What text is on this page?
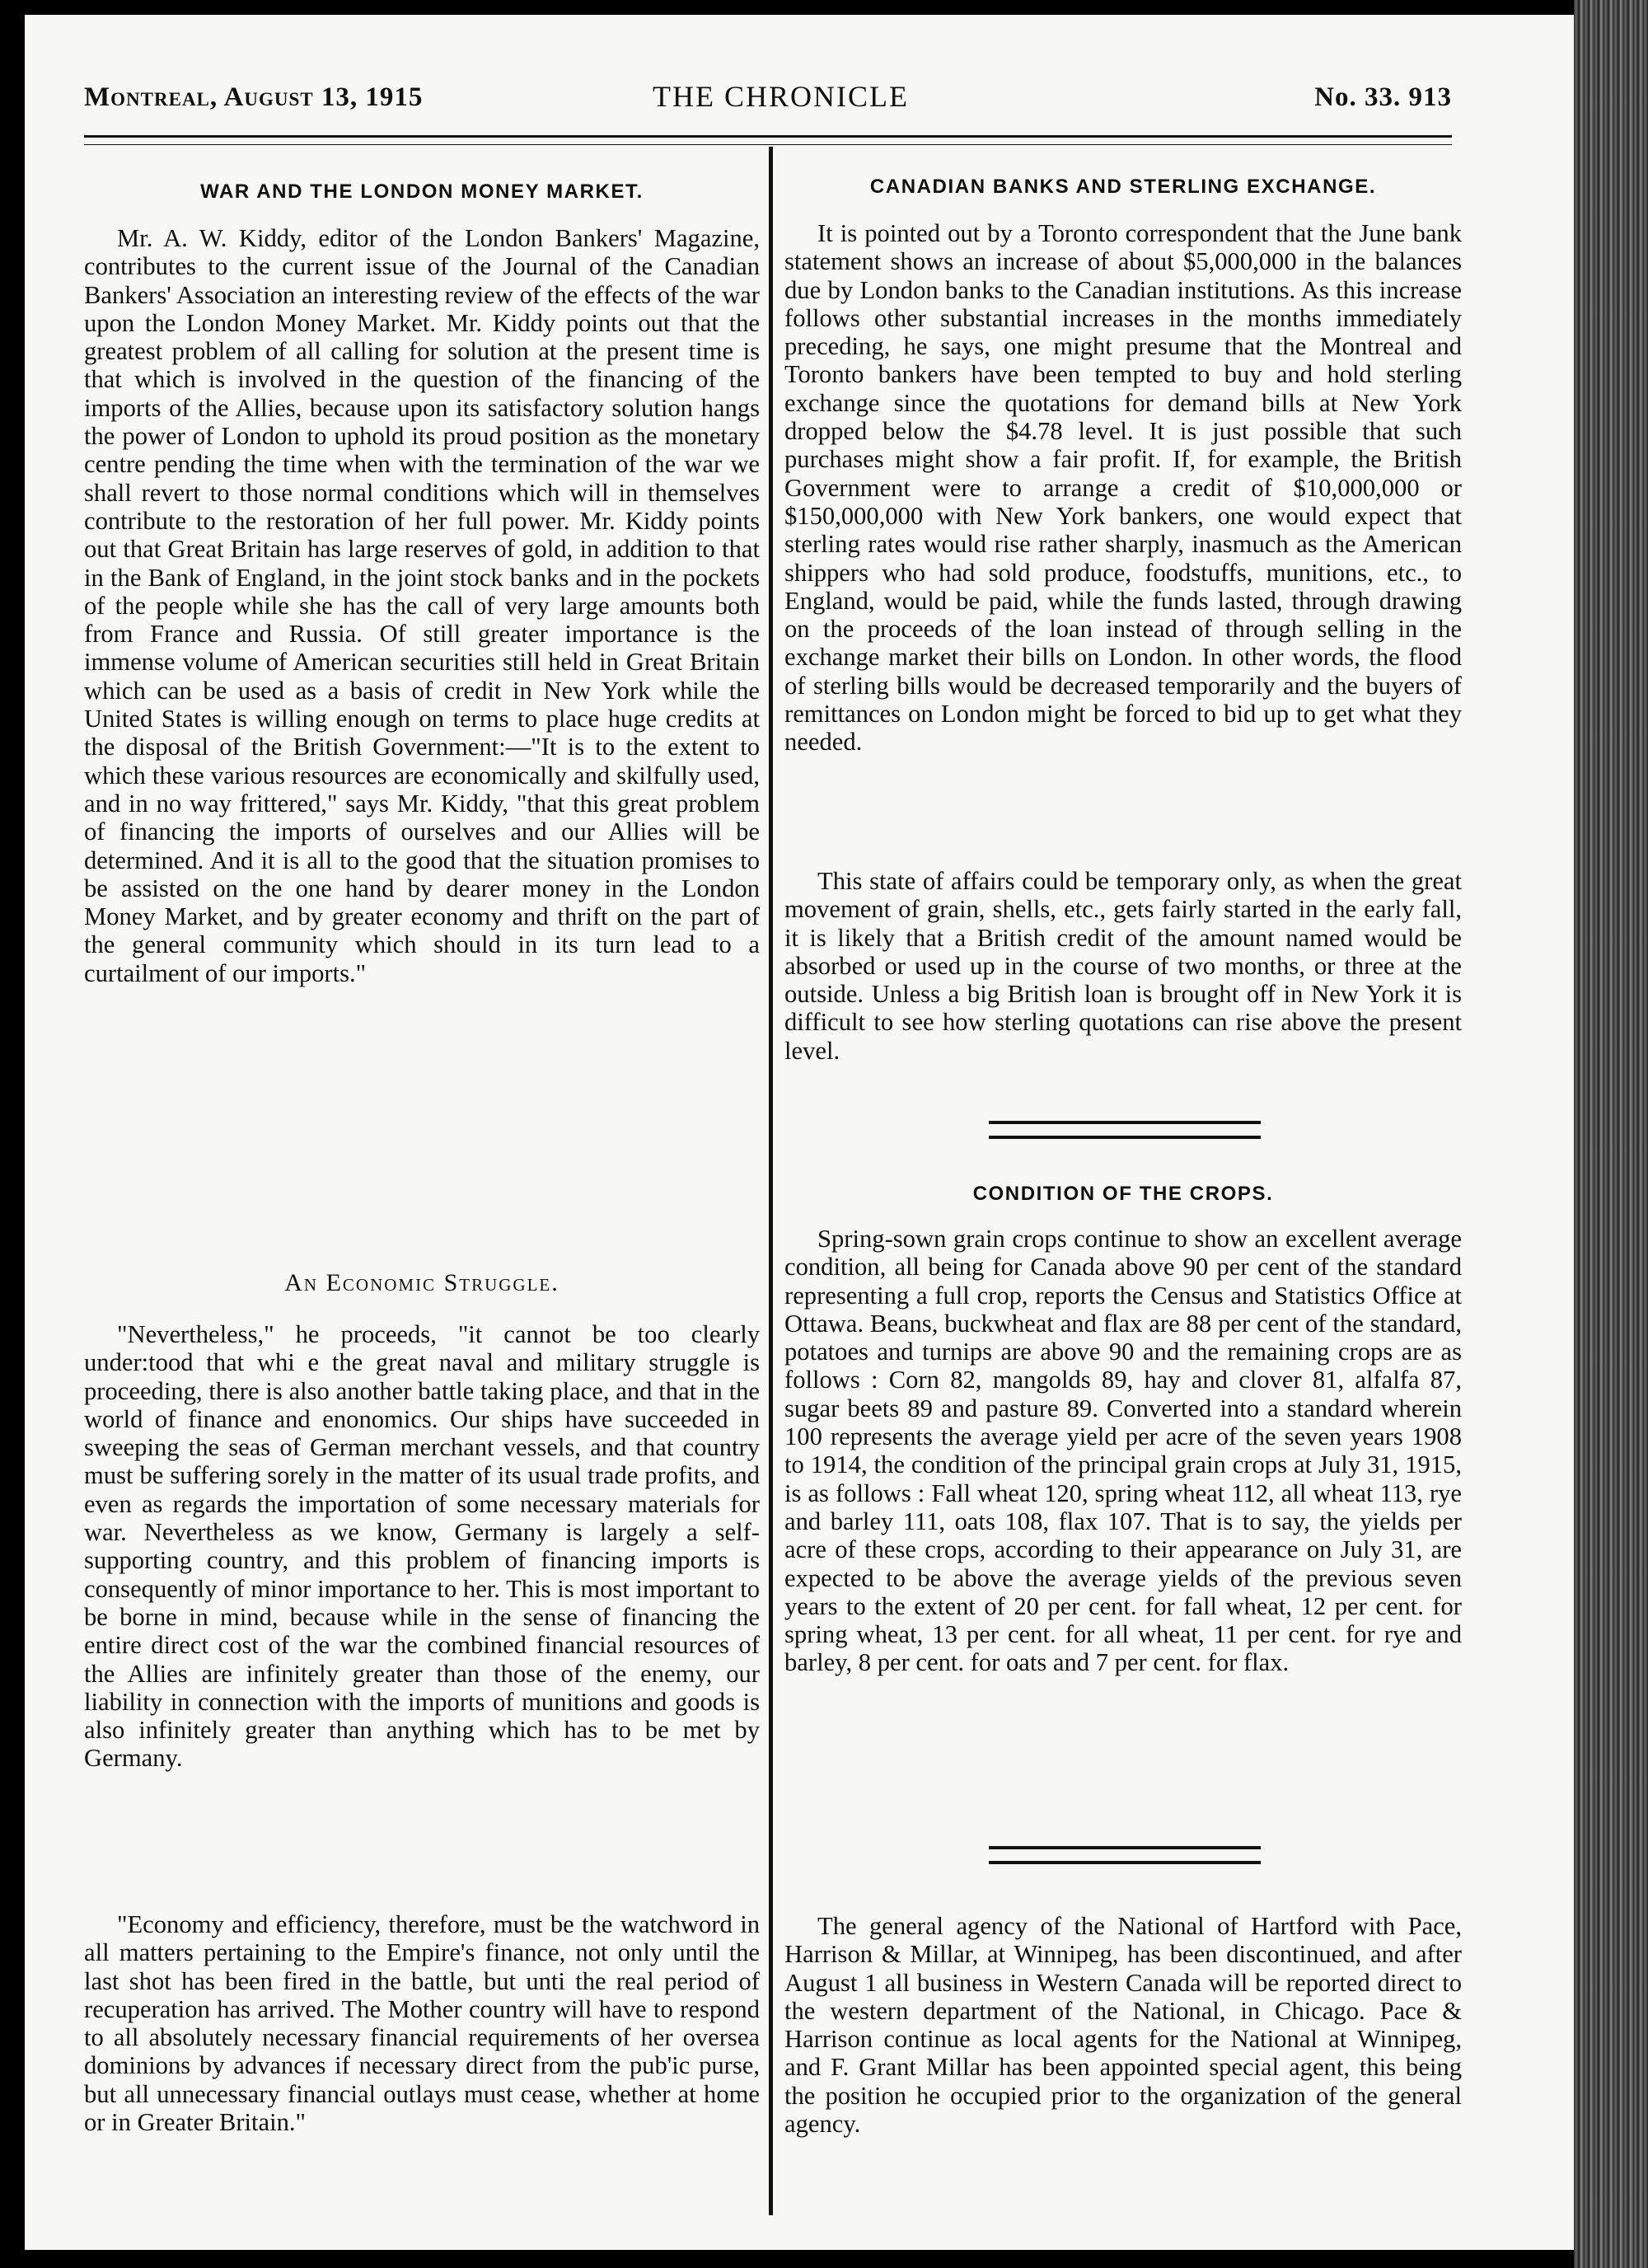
Montreal, August 13, 1915	THE CHRONICLE	No. 33. 913
WAR AND THE LONDON MONEY MARKET.

Mr. A. W. Kiddy, editor of the London Bankers' Magazine, contributes to the current issue of the Journal of the Canadian Bankers' Association an interesting review of the effects of the war upon the London Money Market. Mr. Kiddy points out that the greatest problem of all calling for solution at the present time is that which is involved in the question of the financing of the imports of the Allies, because upon its satisfactory solution hangs the power of London to uphold its proud position as the monetary centre pending the time when with the termination of the war we shall revert to those normal conditions which will in themselves contribute to the restoration of her full power. Mr. Kiddy points out that Great Britain has large reserves of gold, in addition to that in the Bank of England, in the joint stock banks and in the pockets of the people while she has the call of very large amounts both from France and Russia. Of still greater importance is the immense volume of American securities still held in Great Britain which can be used as a basis of credit in New York while the United States is willing enough on terms to place huge credits at the disposal of the British Government:—"It is to the extent to which these various resources are economically and skilfully used, and in no way frittered," says Mr. Kiddy, "that this great problem of financing the imports of ourselves and our Allies will be determined. And it is all to the good that the situation promises to be assisted on the one hand by dearer money in the London Money Market, and by greater economy and thrift on the part of the general community which should in its turn lead to a curtailment of our imports."

An Economic Struggle.

"Nevertheless," he proceeds, "it cannot be too clearly under:tood that whi e the great naval and military struggle is proceeding, there is also another battle taking place, and that in the world of finance and enonomics. Our ships have succeeded in sweeping the seas of German merchant vessels, and that country must be suffering sorely in the matter of its usual trade profits, and even as regards the importation of some necessary materials for war. Nevertheless as we know, Germany is largely a self-supporting country, and this problem of financing imports is consequently of minor importance to her. This is most important to be borne in mind, because while in the sense of financing the entire direct cost of the war the combined financial resources of the Allies are infinitely greater than those of the enemy, our liability in connection with the imports of munitions and goods is also infinitely greater than anything which has to be met by Germany.

"Economy and efficiency, therefore, must be the watchword in all matters pertaining to the Empire's finance, not only until the last shot has been fired in the battle, but unti the real period of recuperation has arrived. The Mother country will have to respond to all absolutely necessary financial requirements of her oversea dominions by advances if necessary direct from the pub'ic purse, but all unnecessary financial outlays must cease, whether at home or in Greater Britain."

CANADIAN BANKS AND STERLING EXCHANGE.

It is pointed out by a Toronto correspondent that the June bank statement shows an increase of about $5,000,000 in the balances due by London banks to the Canadian institutions. As this increase follows other substantial increases in the months immediately preceding, he says, one might presume that the Montreal and Toronto bankers have been tempted to buy and hold sterling exchange since the quotations for demand bills at New York dropped below the $4.78 level. It is just possible that such purchases might show a fair profit. If, for example, the British Government were to arrange a credit of $10,000,000 or $150,000,000 with New York bankers, one would expect that sterling rates would rise rather sharply, inasmuch as the American shippers who had sold produce, foodstuffs, munitions, etc., to England, would be paid, while the funds lasted, through drawing on the proceeds of the loan instead of through selling in the exchange market their bills on London. In other words, the flood of sterling bills would be decreased temporarily and the buyers of remittances on London might be forced to bid up to get what they needed.

This state of affairs could be temporary only, as when the great movement of grain, shells, etc., gets fairly started in the early fall, it is likely that a British credit of the amount named would be absorbed or used up in the course of two months, or three at the outside. Unless a big British loan is brought off in New York it is difficult to see how sterling quotations can rise above the present level.

CONDITION OF THE CROPS.

Spring-sown grain crops continue to show an excellent average condition, all being for Canada above 90 per cent of the standard representing a full crop, reports the Census and Statistics Office at Ottawa. Beans, buckwheat and flax are 88 per cent of the standard, potatoes and turnips are above 90 and the remaining crops are as follows : Corn 82, mangolds 89, hay and clover 81, alfalfa 87, sugar beets 89 and pasture 89. Converted into a standard wherein 100 represents the average yield per acre of the seven years 1908 to 1914, the condition of the principal grain crops at July 31, 1915, is as follows : Fall wheat 120, spring wheat 112, all wheat 113, rye and barley 111, oats 108, flax 107. That is to say, the yields per acre of these crops, according to their appearance on July 31, are expected to be above the average yields of the previous seven years to the extent of 20 per cent. for fall wheat, 12 per cent. for spring wheat, 13 per cent. for all wheat, 11 per cent. for rye and barley, 8 per cent. for oats and 7 per cent. for flax.

The general agency of the National of Hartford with Pace, Harrison & Millar, at Winnipeg, has been discontinued, and after August 1 all business in Western Canada will be reported direct to the western department of the National, in Chicago. Pace & Harrison continue as local agents for the National at Winnipeg, and F. Grant Millar has been appointed special agent, this being the position he occupied prior to the organization of the general agency.
